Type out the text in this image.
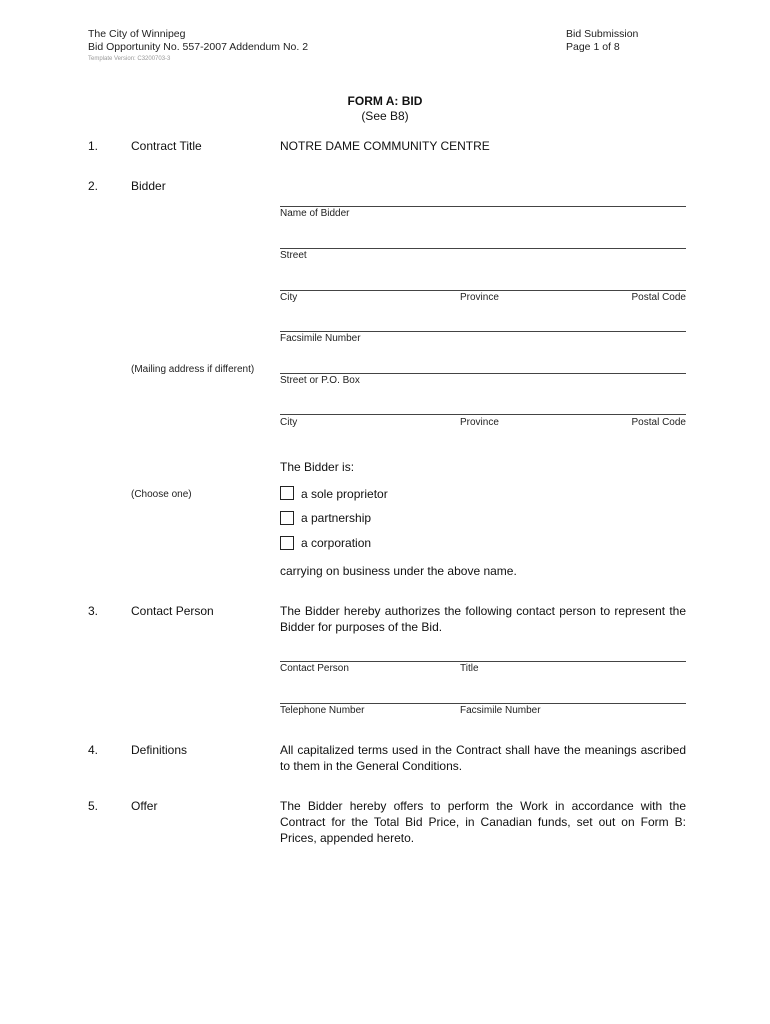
The City of Winnipeg
Bid Opportunity No. 557-2007 Addendum No. 2
Template Version: C3200703-3
Bid Submission
Page 1 of 8
FORM A: BID
(See B8)
1.	Contract Title	NOTRE DAME COMMUNITY CENTRE
2.	Bidder
Name of Bidder
Street
City	Province	Postal Code
Facsimile Number
(Mailing address if different)
Street or P.O. Box
City	Province	Postal Code
The Bidder is:
(Choose one)	a sole proprietor
a partnership
a corporation
carrying on business under the above name.
3.	Contact Person	The Bidder hereby authorizes the following contact person to represent the Bidder for purposes of the Bid.
Contact Person	Title
Telephone Number	Facsimile Number
4.	Definitions	All capitalized terms used in the Contract shall have the meanings ascribed to them in the General Conditions.
5.	Offer	The Bidder hereby offers to perform the Work in accordance with the Contract for the Total Bid Price, in Canadian funds, set out on Form B: Prices, appended hereto.
